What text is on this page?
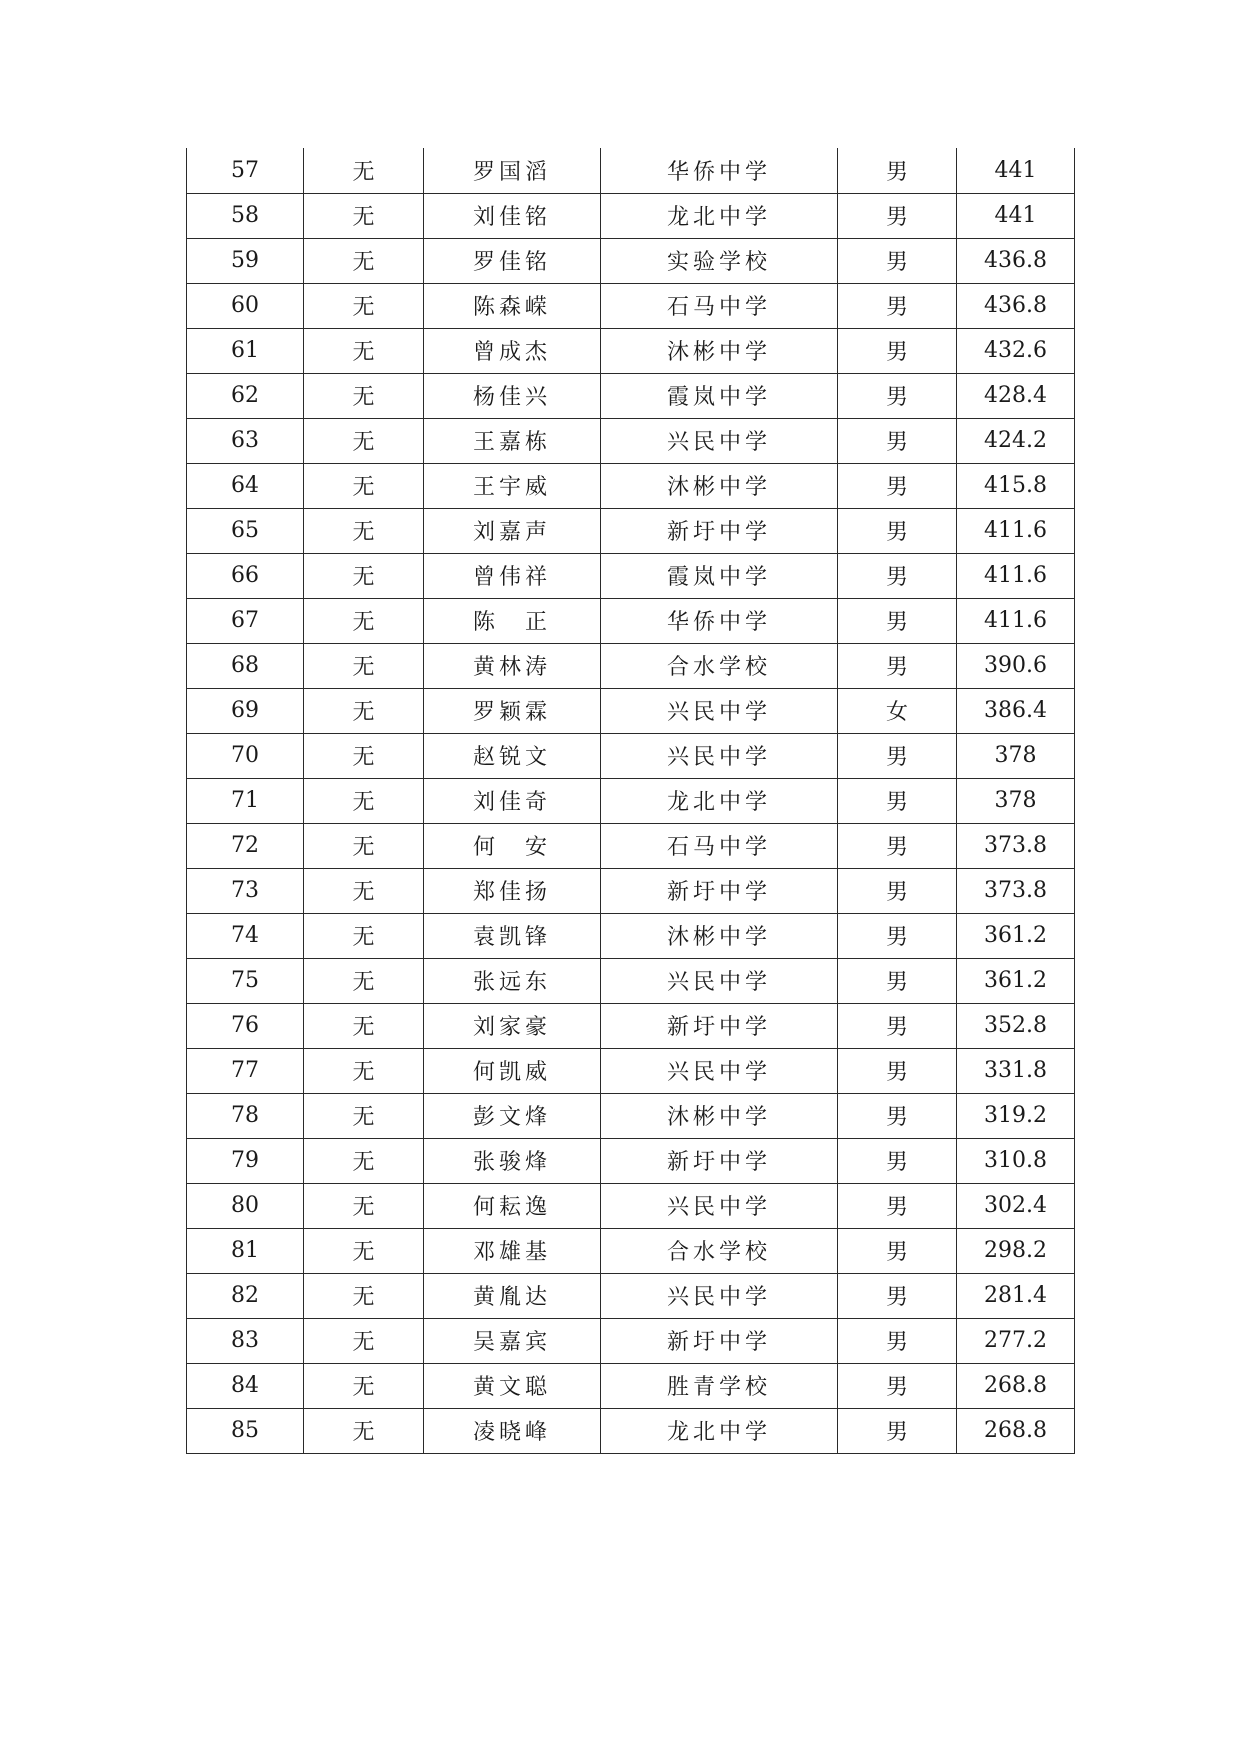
57	无	罗国滔	华侨中学	男	441
58	无	刘佳铭	龙北中学	男	441
59	无	罗佳铭	实验学校	男	436.8
60	无	陈森嵘	石马中学	男	436.8
61	无	曾成杰	沐彬中学	男	432.6
62	无	杨佳兴	霞岚中学	男	428.4
63	无	王嘉栋	兴民中学	男	424.2
64	无	王宇威	沐彬中学	男	415.8
65	无	刘嘉声	新圩中学	男	411.6
66	无	曾伟祥	霞岚中学	男	411.6
67	无	陈　正	华侨中学	男	411.6
68	无	黄林涛	合水学校	男	390.6
69	无	罗颖霖	兴民中学	女	386.4
70	无	赵锐文	兴民中学	男	378
71	无	刘佳奇	龙北中学	男	378
72	无	何　安	石马中学	男	373.8
73	无	郑佳扬	新圩中学	男	373.8
74	无	袁凯锋	沐彬中学	男	361.2
75	无	张远东	兴民中学	男	361.2
76	无	刘家豪	新圩中学	男	352.8
77	无	何凯威	兴民中学	男	331.8
78	无	彭文烽	沐彬中学	男	319.2
79	无	张骏烽	新圩中学	男	310.8
80	无	何耘逸	兴民中学	男	302.4
81	无	邓雄基	合水学校	男	298.2
82	无	黄胤达	兴民中学	男	281.4
83	无	吴嘉宾	新圩中学	男	277.2
84	无	黄文聪	胜青学校	男	268.8
85	无	凌晓峰	龙北中学	男	268.8
